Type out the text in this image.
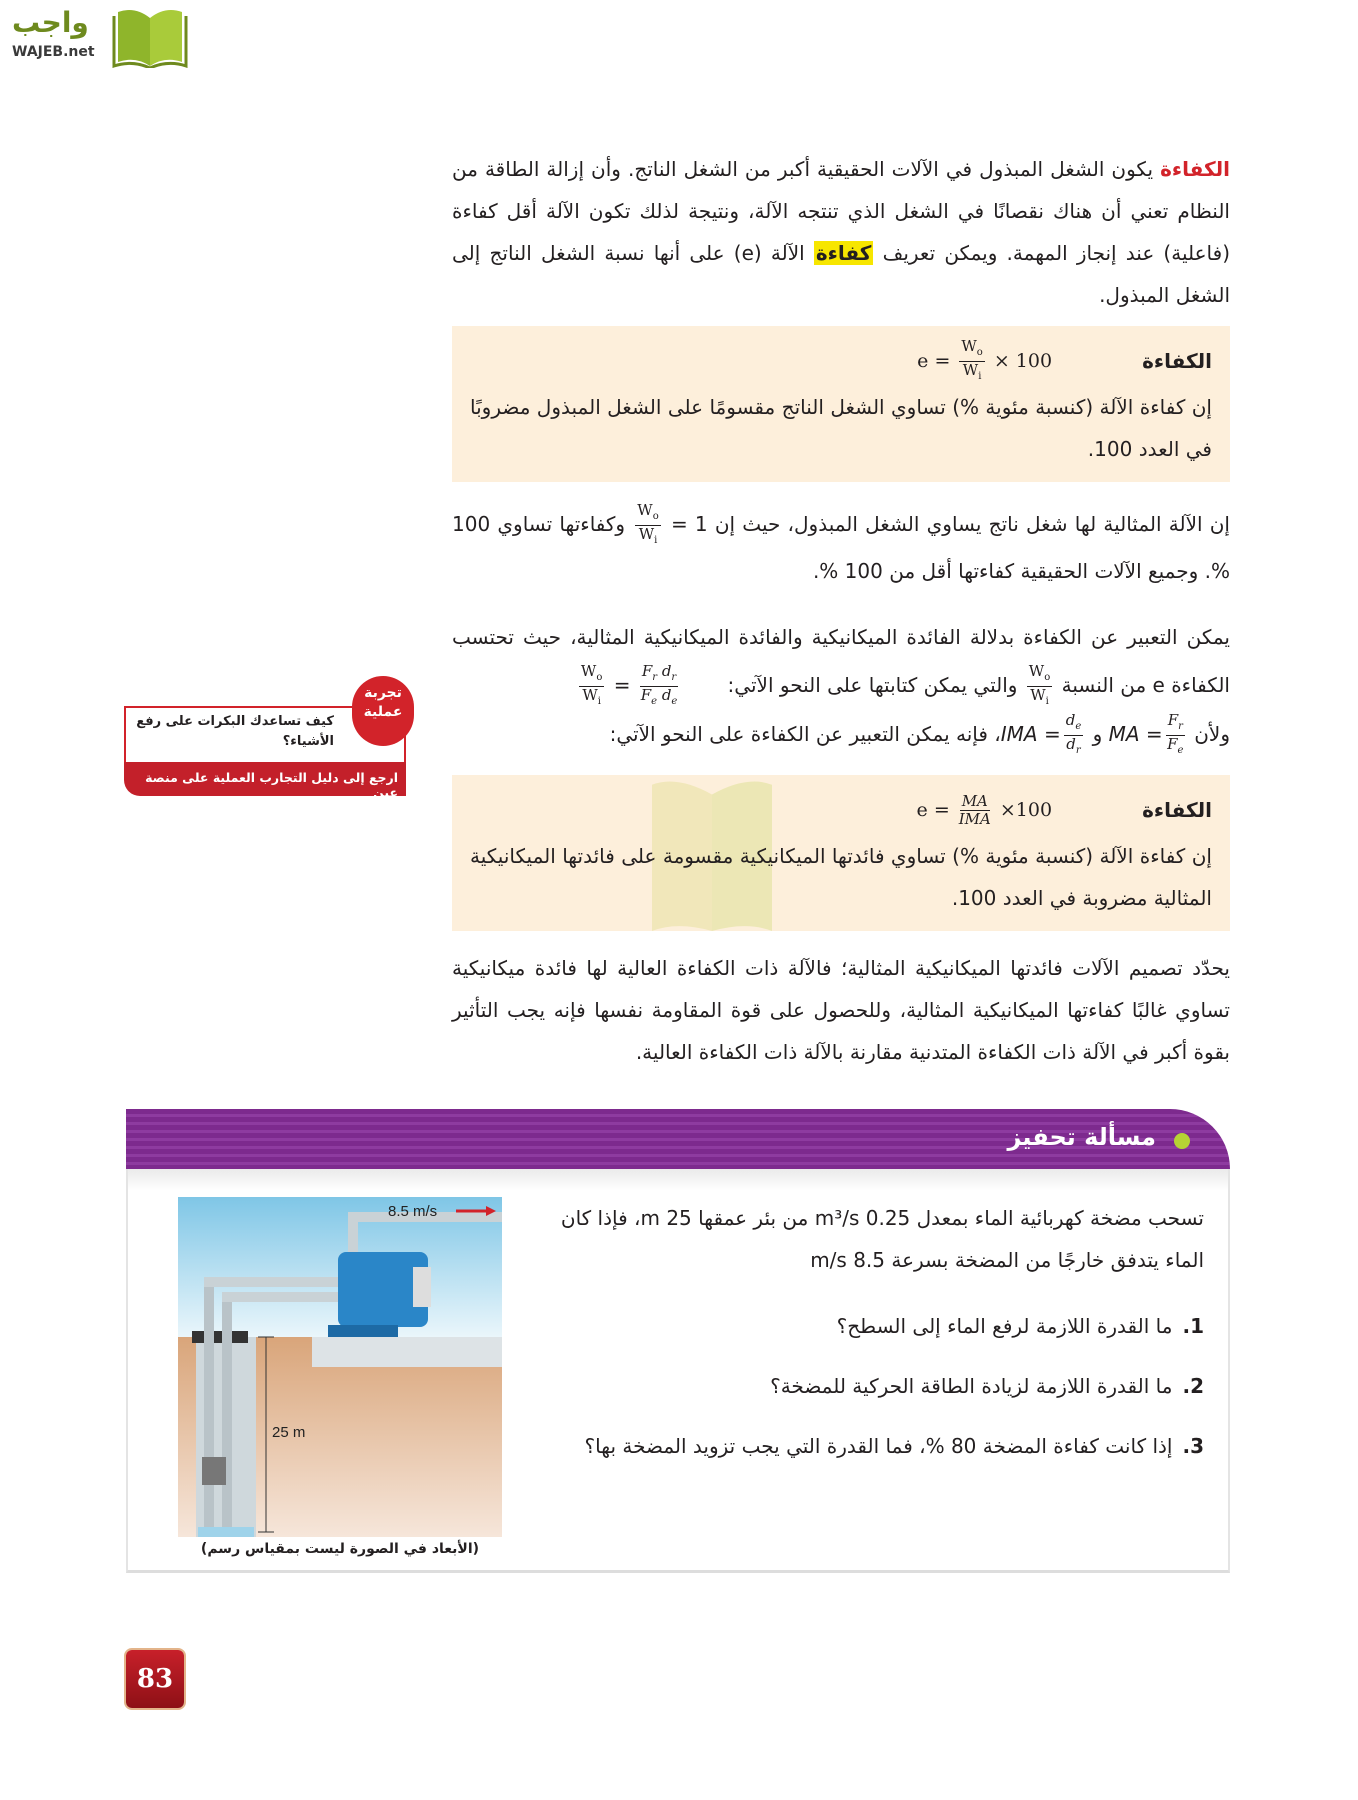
واجب
WAJEB.net
كيف تساعدك البكرات على رفع الأشياء؟
ارجع إلى دليل التجارب العملية على منصة عين
تجربة عملية
الكفاءة يكون الشغل المبذول في الآلات الحقيقية أكبر من الشغل الناتج. وأن إزالة الطاقة من النظام تعني أن هناك نقصانًا في الشغل الذي تنتجه الآلة، ونتيجة لذلك تكون الآلة أقل كفاءة (فاعلية) عند إنجاز المهمة. ويمكن تعريف كفاءة الآلة (e) على أنها نسبة الشغل الناتج إلى الشغل المبذول.
الكفاءة
$e = \frac{W_o}{W_i} \times 100$
إن كفاءة الآلة (كنسبة مئوية %) تساوي الشغل الناتج مقسومًا على الشغل المبذول مضروبًا في العدد 100.
إن الآلة المثالية لها شغل ناتج يساوي الشغل المبذول، حيث إن 1 =
$\frac{W_o}{W_i}$
وكفاءتها تساوي 100 %. وجميع الآلات الحقيقية كفاءتها أقل من 100 %.
يمكن التعبير عن الكفاءة بدلالة الفائدة الميكانيكية والفائدة الميكانيكية المثالية، حيث تحتسب الكفاءة e من النسبة
$\frac{W_o}{W_i}$
والتي يمكن كتابتها على النحو الآتي:
$\frac{W_o}{W_i} = \frac{F_r d_r}{F_e d_e}$

ولأن MA = $\frac{F_r}{F_e}$
و IMA = $\frac{d_e}{d_r}$
، فإنه يمكن التعبير عن الكفاءة على النحو الآتي:
الكفاءة
$e = \frac{MA}{\text{IMA}} \times 100$
إن كفاءة الآلة (كنسبة مئوية %) تساوي فائدتها الميكانيكية مقسومة على فائدتها الميكانيكية المثالية مضروبة في العدد 100.
يحدّد تصميم الآلات فائدتها الميكانيكية المثالية؛ فالآلة ذات الكفاءة العالية لها فائدة ميكانيكية تساوي غالبًا كفاءتها الميكانيكية المثالية، وللحصول على قوة المقاومة نفسها فإنه يجب التأثير بقوة أكبر في الآلة ذات الكفاءة المتدنية مقارنة بالآلة ذات الكفاءة العالية.
مسألة تحفيز
8.5 m/s
25 m
(الأبعاد في الصورة ليست بمقياس رسم)
تسحب مضخة كهربائية الماء بمعدل 0.25 m³/s من بئر عمقها 25 m، فإذا كان الماء يتدفق خارجًا من المضخة بسرعة 8.5 m/s
1.ما القدرة اللازمة لرفع الماء إلى السطح؟
2.ما القدرة اللازمة لزيادة الطاقة الحركية للمضخة؟
3.إذا كانت كفاءة المضخة 80 %، فما القدرة التي يجب تزويد المضخة بها؟
83
